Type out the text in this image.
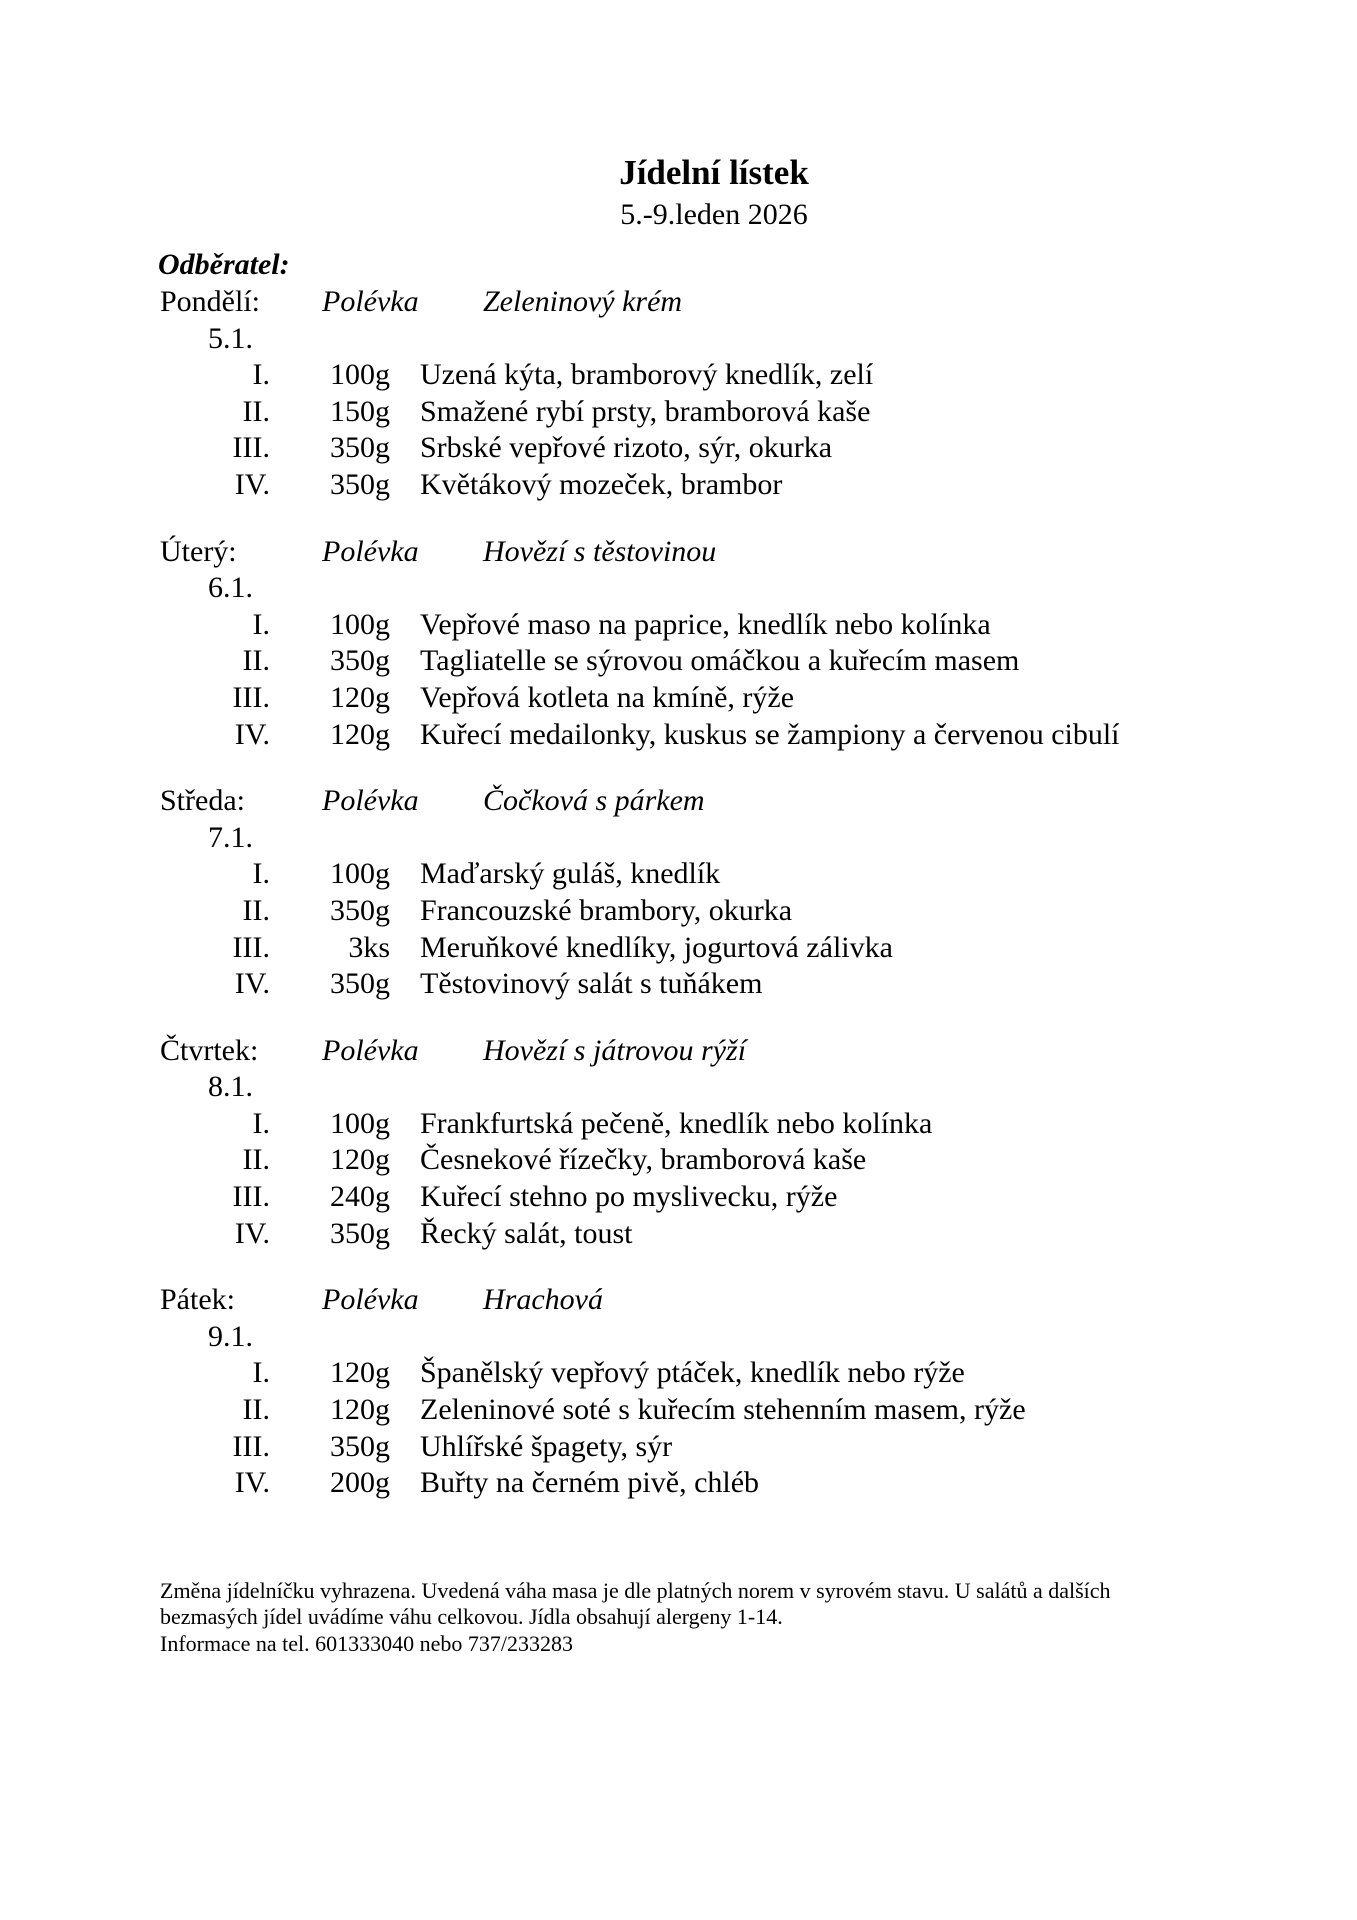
Jídelní lístek
5.-9.leden 2026
Odběratel:
Pondělí: Polévka Zeleninový krém
5.1.
I.	100g Uzená kýta, bramborový knedlík, zelí
II.	150g Smažené rybí prsty, bramborová kaše
III.	350g Srbské vepřové rizoto, sýr, okurka
IV.	350g Květákový mozeček, brambor
Úterý:	Polévka Hovězí s těstovinou
6.1.
I.	100g Vepřové maso na paprice, knedlík nebo kolínka
II.	350g Tagliatelle se sýrovou omáčkou a kuřecím masem
III.	120g Vepřová kotleta na kmíně, rýže
IV.	120g Kuřecí medailonky, kuskus se žampiony a červenou cibulí
Středa:	Polévka Čočková s párkem
7.1.
I.	100g Maďarský guláš, knedlík
II.	350g Francouzské brambory, okurka
III.	3ks Meruňkové knedlíky, jogurtová zálivka
IV.	350g Těstovinový salát s tuňákem
Čtvrtek: Polévka Hovězí s játrovou rýží
8.1.
I.	100g Frankfurtská pečeně, knedlík nebo kolínka
II.	120g Česnekové řízečky, bramborová kaše
III.	240g Kuřecí stehno po myslivecku, rýže
IV.	350g Řecký salát, toust
Pátek:	Polévka Hrachová
9.1.
I.	120g Španělský vepřový ptáček, knedlík nebo rýže
II.	120g Zeleninové soté s kuřecím stehenním masem, rýže
III.	350g Uhlířské špagety, sýr
IV.	200g Buřty na černém pivě, chléb
Změna jídelníčku vyhrazena. Uvedená váha masa je dle platných norem v syrovém stavu. U salátů a dalších
bezmasých jídel uvádíme váhu celkovou. Jídla obsahují alergeny 1-14.
Informace na tel. 601333040 nebo 737/233283
